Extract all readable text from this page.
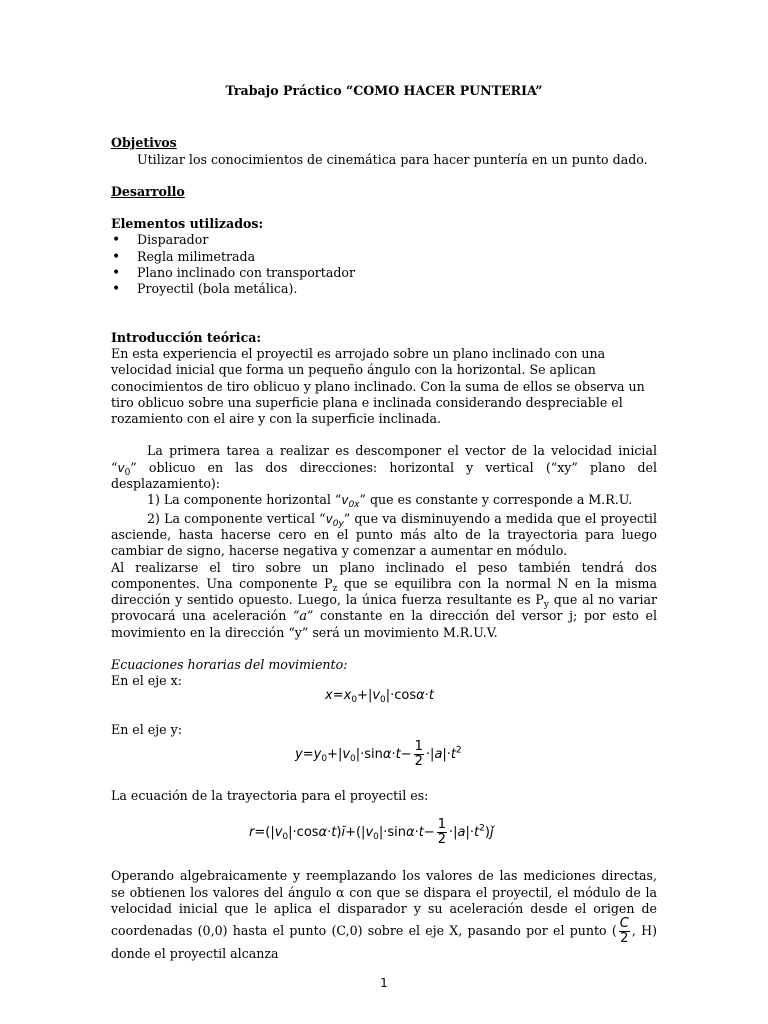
Trabajo Práctico “COMO HACER PUNTERIA”
Objetivos
Utilizar los conocimientos de cinemática para hacer puntería en un punto dado.
Desarrollo
Elementos utilizados:
• Disparador
• Regla milimetrada
• Plano inclinado con transportador
• Proyectil (bola metálica).
Introducción teórica:
En esta experiencia el proyectil es arrojado sobre un plano inclinado con una velocidad inicial que forma un pequeño ángulo con la horizontal. Se aplican conocimientos de tiro oblicuo y plano inclinado. Con la suma de ellos se observa un tiro oblicuo sobre una superficie plana e inclinada considerando despreciable el rozamiento con el aire y con la superficie inclinada.
La primera tarea a realizar es descomponer el vector de la velocidad inicial “$v_0$” oblicuo en las dos direcciones: horizontal y vertical (“xy” plano del desplazamiento):
1) La componente horizontal “$v_{0x}$” que es constante y corresponde a M.R.U.
2) La componente vertical “$v_{0y}$” que va disminuyendo a medida que el proyectil asciende, hasta hacerse cero en el punto más alto de la trayectoria para luego cambiar de signo, hacerse negativa y comenzar a aumentar en módulo.
Al realizarse el tiro sobre un plano inclinado el peso también tendrá dos componentes. Una componente $P_z$ que se equilibra con la normal N en la misma dirección y sentido opuesto. Luego, la única fuerza resultante es $P_y$ que al no variar provocará una aceleración “a” constante en la dirección del versor j; por esto el movimiento en la dirección “y” será un movimiento M.R.U.V.
Ecuaciones horarias del movimiento:
En el eje x:
$x=x_0+|v_0|\cdot\cos\alpha\cdot t$
En el eje y:
$y=y_0+|v_0|\cdot\sin\alpha\cdot t- \frac{1}{2} \cdot|a|\cdot t^2$
La ecuación de la trayectoria para el proyectil es:
$r=(|v_0|\cdot\cos\alpha\cdot t)ĭ+(|v_0|\cdot\sin\alpha\cdot t- \frac{1}{2}$ $\cdot|a|\cdot t^2)ǰ$
Operando algebraicamente y reemplazando los valores de las mediciones directas, se obtienen los valores del ángulo α con que se dispara el proyectil, el módulo de la velocidad inicial que le aplica el disparador y su aceleración desde el origen de coordenadas (0,0) hasta el punto (C,0) sobre el eje X, pasando por el punto ( $\frac{C}{2}$ , H) donde el proyectil alcanza
1
